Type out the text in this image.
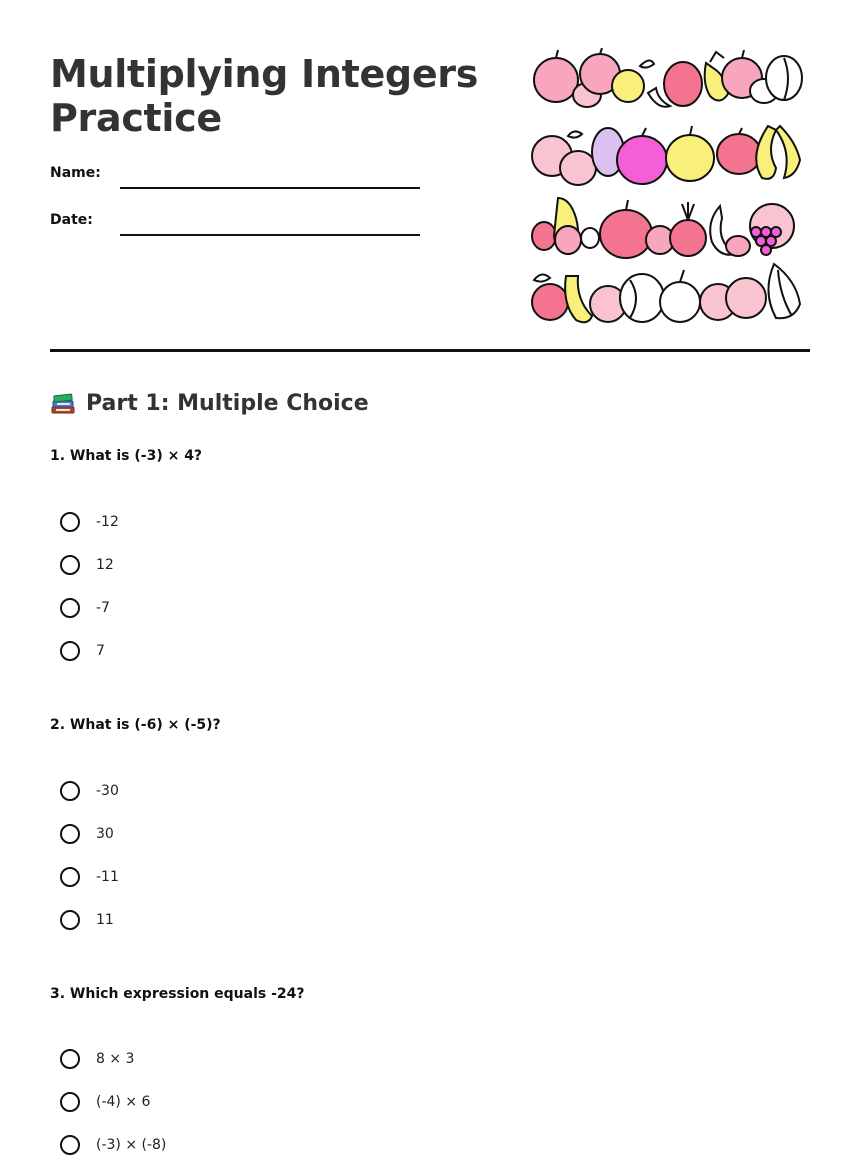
Multiplying Integers
Practice
Name:
Date:
Part 1: Multiple Choice

1. What is (-3) × 4?

-12
12
-7
7

2. What is (-6) × (-5)?

-30
30
-11
11

3. Which expression equals -24?

8 × 3
(-4) × 6
(-3) × (-8)
